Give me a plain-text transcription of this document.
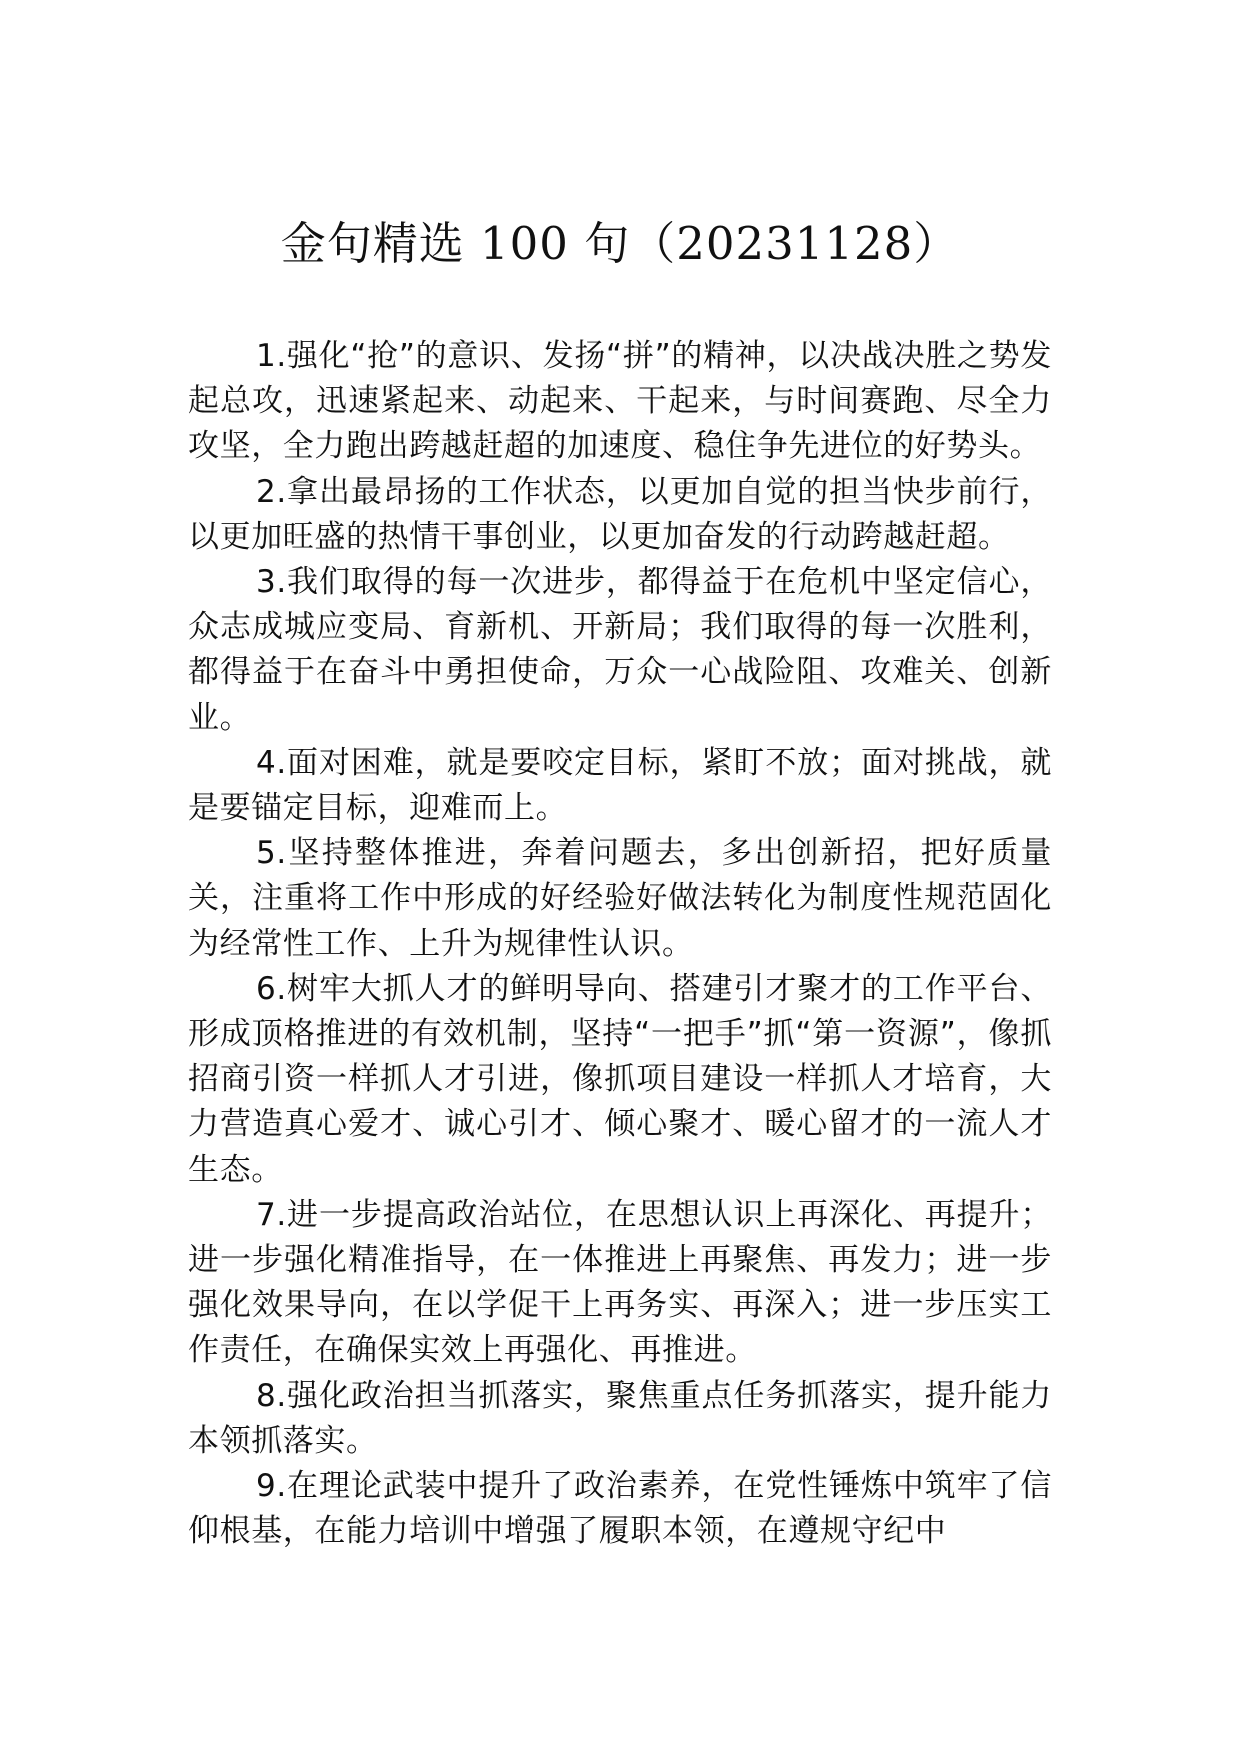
金句精选 100 句（20231128）

1.强化“抢”的意识、发扬“拼”的精神，以决战决胜之势发起总攻，迅速紧起来、动起来、干起来，与时间赛跑、尽全力攻坚，全力跑出跨越赶超的加速度、稳住争先进位的好势头。

2.拿出最昂扬的工作状态，以更加自觉的担当快步前行，以更加旺盛的热情干事创业，以更加奋发的行动跨越赶超。

3.我们取得的每一次进步，都得益于在危机中坚定信心，众志成城应变局、育新机、开新局；我们取得的每一次胜利，都得益于在奋斗中勇担使命，万众一心战险阻、攻难关、创新业。

4.面对困难，就是要咬定目标，紧盯不放；面对挑战，就是要锚定目标，迎难而上。

5.坚持整体推进，奔着问题去，多出创新招，把好质量关，注重将工作中形成的好经验好做法转化为制度性规范固化为经常性工作、上升为规律性认识。

6.树牢大抓人才的鲜明导向、搭建引才聚才的工作平台、形成顶格推进的有效机制，坚持“一把手”抓“第一资源”，像抓招商引资一样抓人才引进，像抓项目建设一样抓人才培育，大力营造真心爱才、诚心引才、倾心聚才、暖心留才的一流人才生态。

7.进一步提高政治站位，在思想认识上再深化、再提升；进一步强化精准指导，在一体推进上再聚焦、再发力；进一步强化效果导向，在以学促干上再务实、再深入；进一步压实工作责任，在确保实效上再强化、再推进。

8.强化政治担当抓落实，聚焦重点任务抓落实，提升能力本领抓落实。

9.在理论武装中提升了政治素养，在党性锤炼中筑牢了信仰根基，在能力培训中增强了履职本领，在遵规守纪中
